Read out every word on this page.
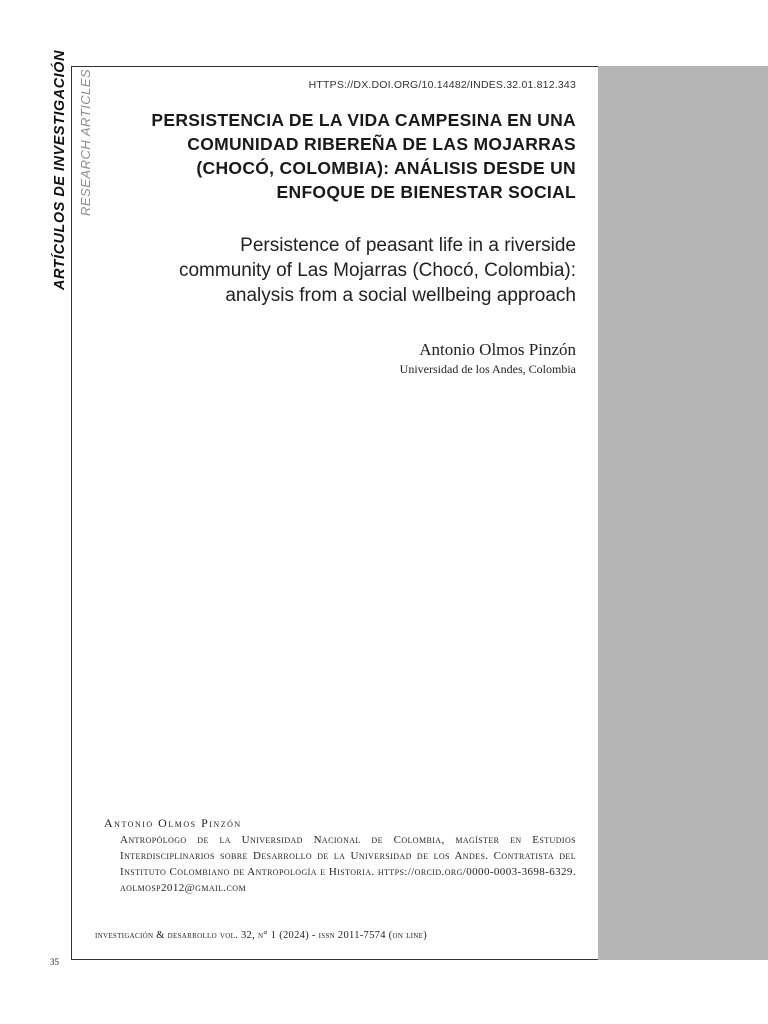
ARTÍCULOS DE INVESTIGACIÓN RESEARCH ARTICLES	HTTPS://DX.DOI.ORG/10.14482/INDES.32.01.812.343
PERSISTENCIA DE LA VIDA CAMPESINA EN UNA COMUNIDAD RIBEREÑA DE LAS MOJARRAS (CHOCÓ, COLOMBIA): ANÁLISIS DESDE UN ENFOQUE DE BIENESTAR SOCIAL
Persistence of peasant life in a riverside community of Las Mojarras (Chocó, Colombia): analysis from a social wellbeing approach
Antonio Olmos Pinzón
Universidad de los Andes, Colombia
Antonio Olmos Pinzón
Antropólogo de la Universidad Nacional de Colombia, magíster en Estudios Interdisciplinarios sobre Desarrollo de la Universidad de los Andes. Contratista del Instituto Colombiano de Antropología e Historia. https://orcid.org/0000-0003-3698-6329. aolmosp2012@gmail.com
investigación & desarrollo vol. 32, n° 1 (2024) - issn 2011-7574 (on line)
35
